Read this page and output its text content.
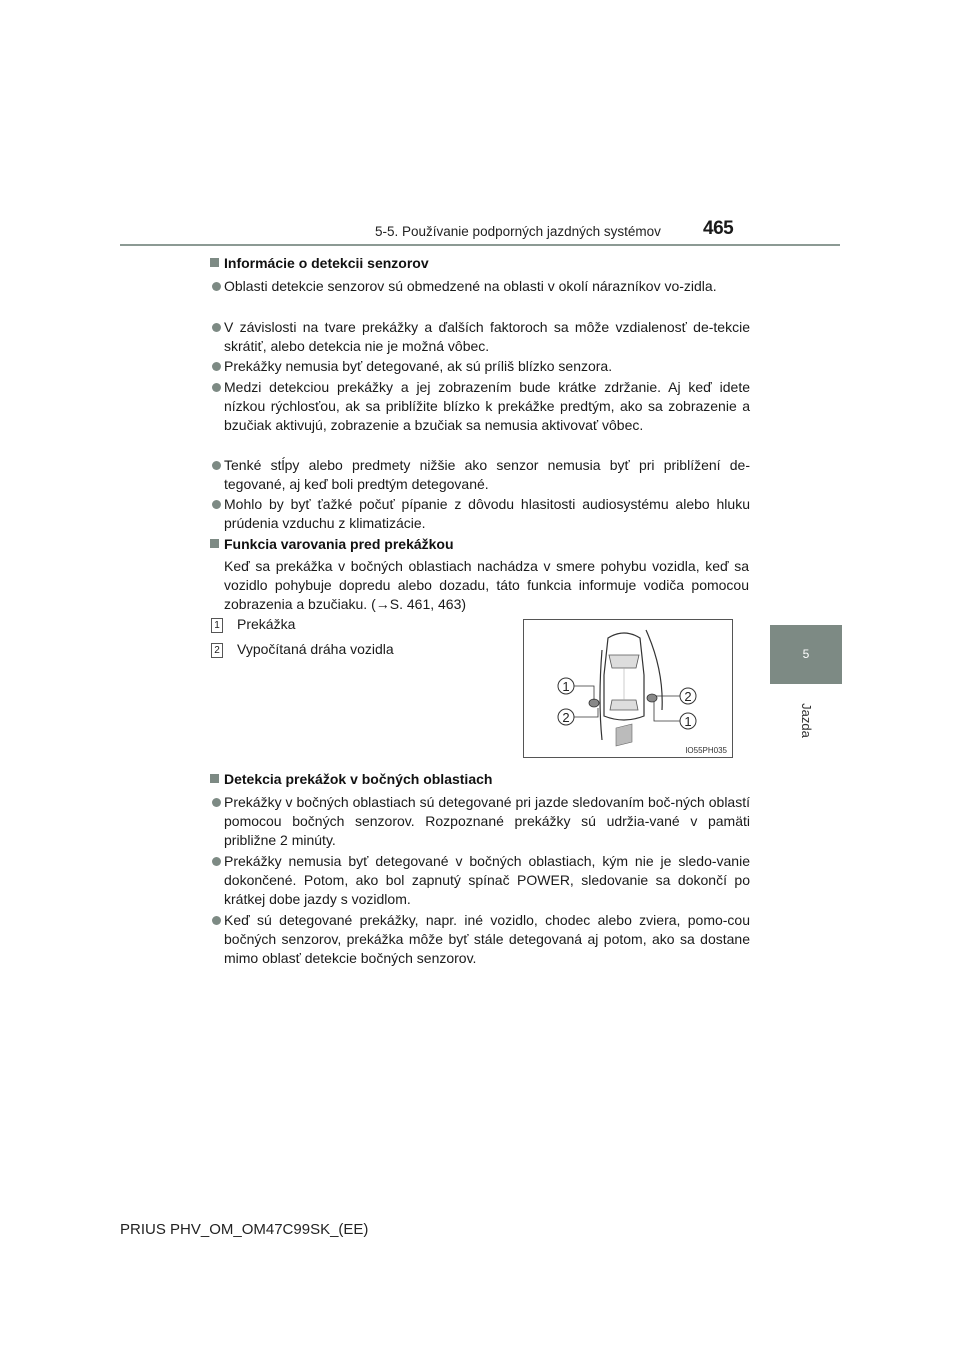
5-5. Používanie podporných jazdných systémov	465
5
Jazda
Informácie o detekcii senzorov
Oblasti detekcie senzorov sú obmedzené na oblasti v okolí nárazníkov vo-zidla.
V závislosti na tvare prekážky a ďalších faktoroch sa môže vzdialenosť de-tekcie skrátiť, alebo detekcia nie je možná vôbec.
Prekážky nemusia byť detegované, ak sú príliš blízko senzora.
Medzi detekciou prekážky a jej zobrazením bude krátke zdržanie. Aj keď idete nízkou rýchlosťou, ak sa priblížite blízko k prekážke predtým, ako sa zobrazenie a bzučiak aktivujú, zobrazenie a bzučiak sa nemusia aktivovať vôbec.
Tenké stĺpy alebo predmety nižšie ako senzor nemusia byť pri priblížení de-tegované, aj keď boli predtým detegované.
Mohlo by byť ťažké počuť pípanie z dôvodu hlasitosti audiosystému alebo hluku prúdenia vzduchu z klimatizácie.
Funkcia varovania pred prekážkou
Keď sa prekážka v bočných oblastiach nachádza v smere pohybu vozidla, keď sa vozidlo pohybuje dopredu alebo dozadu, táto funkcia informuje vodiča pomocou zobrazenia a bzučiaku. (→S. 461, 463)
1 Prekážka
2 Vypočítaná dráha vozidla
1
2
2
1
IO55PH035
Detekcia prekážok v bočných oblastiach
Prekážky v bočných oblastiach sú detegované pri jazde sledovaním boč-ných oblastí pomocou bočných senzorov. Rozpoznané prekážky sú udržia-vané v pamäti približne 2 minúty.
Prekážky nemusia byť detegované v bočných oblastiach, kým nie je sledo-vanie dokončené. Potom, ako bol zapnutý spínač POWER, sledovanie sa dokončí po krátkej dobe jazdy s vozidlom.
Keď sú detegované prekážky, napr. iné vozidlo, chodec alebo zviera, pomo-cou bočných senzorov, prekážka môže byť stále detegovaná aj potom, ako sa dostane mimo oblasť detekcie bočných senzorov.
PRIUS PHV_OM_OM47C99SK_(EE)
